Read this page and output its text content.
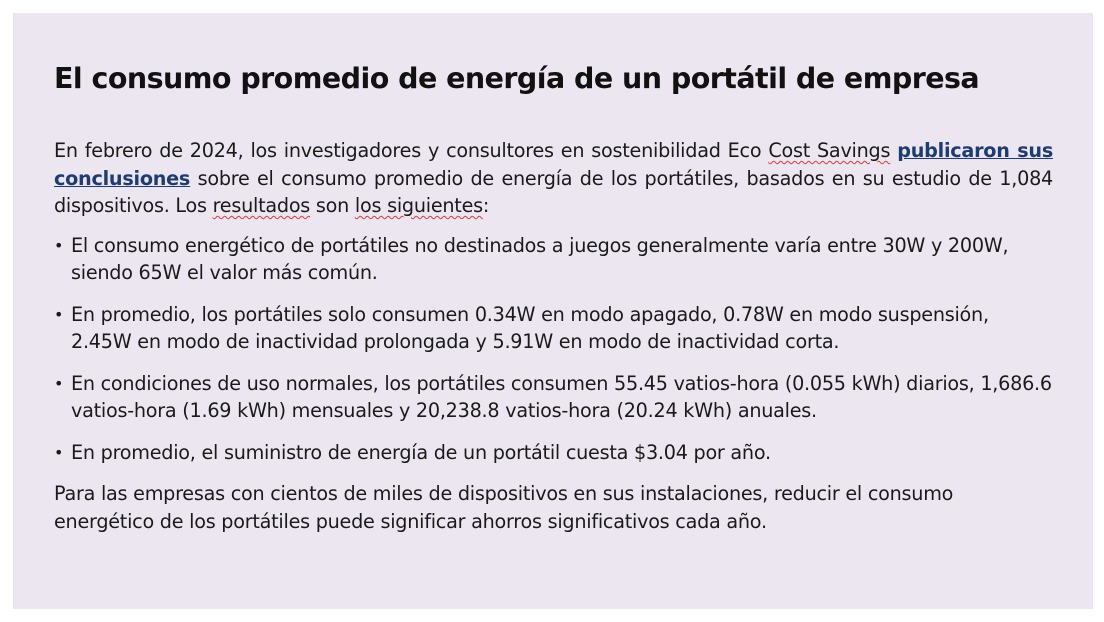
El consumo promedio de energía de un portátil de empresa

En febrero de 2024, los investigadores y consultores en sostenibilidad Eco Cost Savings publicaron sus conclusiones sobre el consumo promedio de energía de los portátiles, basados en su estudio de 1,084 dispositivos. Los resultados son los siguientes:

• El consumo energético de portátiles no destinados a juegos generalmente varía entre 30W y 200W, siendo 65W el valor más común.
• En promedio, los portátiles solo consumen 0.34W en modo apagado, 0.78W en modo suspensión, 2.45W en modo de inactividad prolongada y 5.91W en modo de inactividad corta.
• En condiciones de uso normales, los portátiles consumen 55.45 vatios-hora (0.055 kWh) diarios, 1,686.6 vatios-hora (1.69 kWh) mensuales y 20,238.8 vatios-hora (20.24 kWh) anuales.
• En promedio, el suministro de energía de un portátil cuesta $3.04 por año.

Para las empresas con cientos de miles de dispositivos en sus instalaciones, reducir el consumo energético de los portátiles puede significar ahorros significativos cada año.
